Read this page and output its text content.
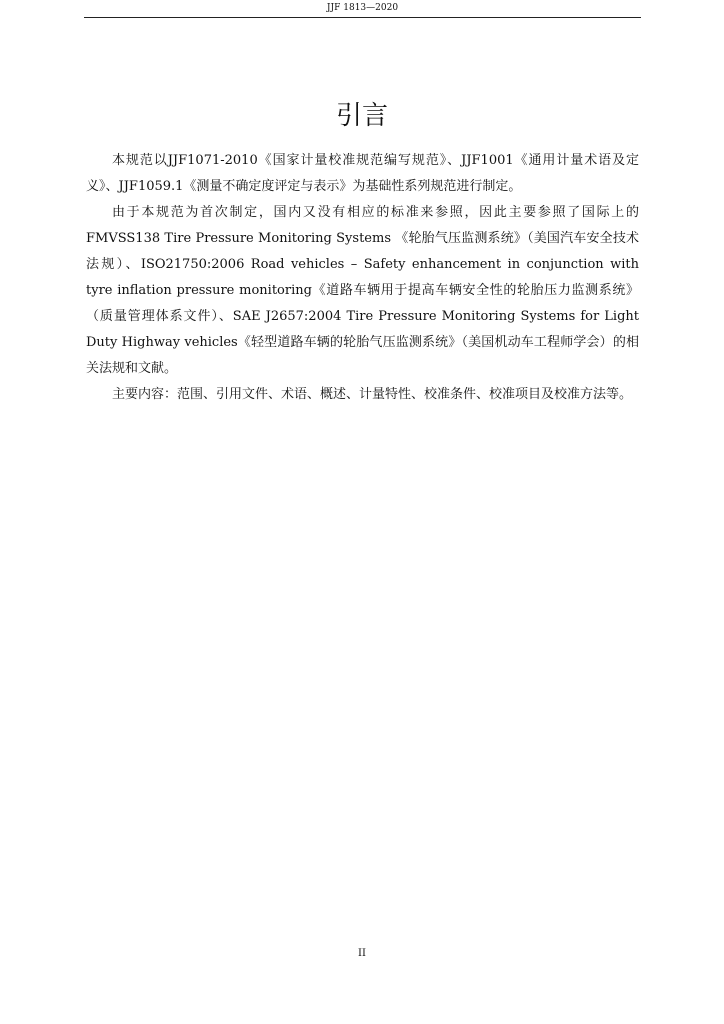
JJF 1813—2020
引言

本规范以JJF1071-2010《国家计量校准规范编写规范》、JJF1001《通用计量术语及定义》、JJF1059.1《测量不确定度评定与表示》为基础性系列规范进行制定。

由于本规范为首次制定，国内又没有相应的标准来参照，因此主要参照了国际上的FMVSS138 Tire Pressure Monitoring Systems 《轮胎气压监测系统》（美国汽车安全技术法规）、ISO21750:2006 Road vehicles – Safety enhancement in conjunction with tyre inflation pressure monitoring《道路车辆用于提高车辆安全性的轮胎压力监测系统》（质量管理体系文件）、SAE J2657:2004 Tire Pressure Monitoring Systems for Light Duty Highway vehicles《轻型道路车辆的轮胎气压监测系统》（美国机动车工程师学会）的相关法规和文献。

主要内容：范围、引用文件、术语、概述、计量特性、校准条件、校准项目及校准方法等。

II
